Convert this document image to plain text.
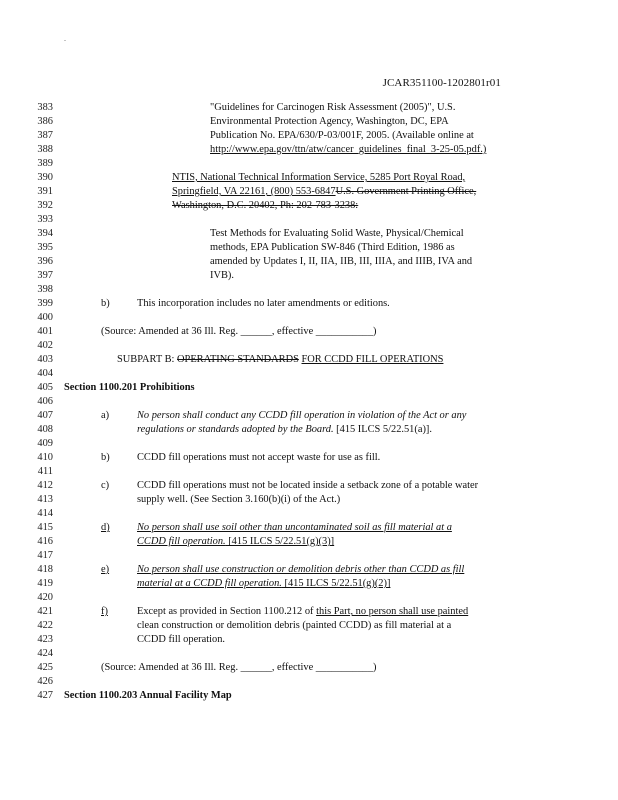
.
JCAR351100-1202801r01
383	"Guidelines for Carcinogen Risk Assessment (2005)", U.S.
386	Environmental Protection Agency, Washington, DC, EPA
387	Publication No. EPA/630/P-03/001F, 2005. (Available online at
388	http://www.epa.gov/ttn/atw/cancer_guidelines_final_3-25-05.pdf.)
389
390	NTIS, National Technical Information Service, 5285 Port Royal Road,
391	Springfield, VA 22161, (800) 553-6847U.S. Government Printing Office,
392	Washington, D.C. 20402, Ph: 202-783-3238:
393
394	Test Methods for Evaluating Solid Waste, Physical/Chemical
395	methods, EPA Publication SW-846 (Third Edition, 1986 as
396	amended by Updates I, II, IIA, IIB, III, IIIA, and IIIB, IVA and
397	IVB).
398
399	b)	This incorporation includes no later amendments or editions.
400
401	(Source: Amended at 36 Ill. Reg. ______, effective ___________)
402
403	SUBPART B: OPERATING STANDARDS FOR CCDD FILL OPERATIONS
404
405 Section 1100.201 Prohibitions
406
407	a)	No person shall conduct any CCDD fill operation in violation of the Act or any
408	regulations or standards adopted by the Board. [415 ILCS 5/22.51(a)].
409
410	b)	CCDD fill operations must not accept waste for use as fill.
411
412	c)	CCDD fill operations must not be located inside a setback zone of a potable water
413	supply well. (See Section 3.160(b)(i) of the Act.)
414
415	d)	No person shall use soil other than uncontaminated soil as fill material at a
416	CCDD fill operation. [415 ILCS 5/22.51(g)(3)]
417
418	e)	No person shall use construction or demolition debris other than CCDD as fill
419	material at a CCDD fill operation. [415 ILCS 5/22.51(g)(2)]
420
421	f)	Except as provided in Section 1100.212 of this Part, no person shall use painted
422	clean construction or demolition debris (painted CCDD) as fill material at a
423	CCDD fill operation.
424
425	(Source: Amended at 36 Ill. Reg. ______, effective ___________)
426
427 Section 1100.203 Annual Facility Map
